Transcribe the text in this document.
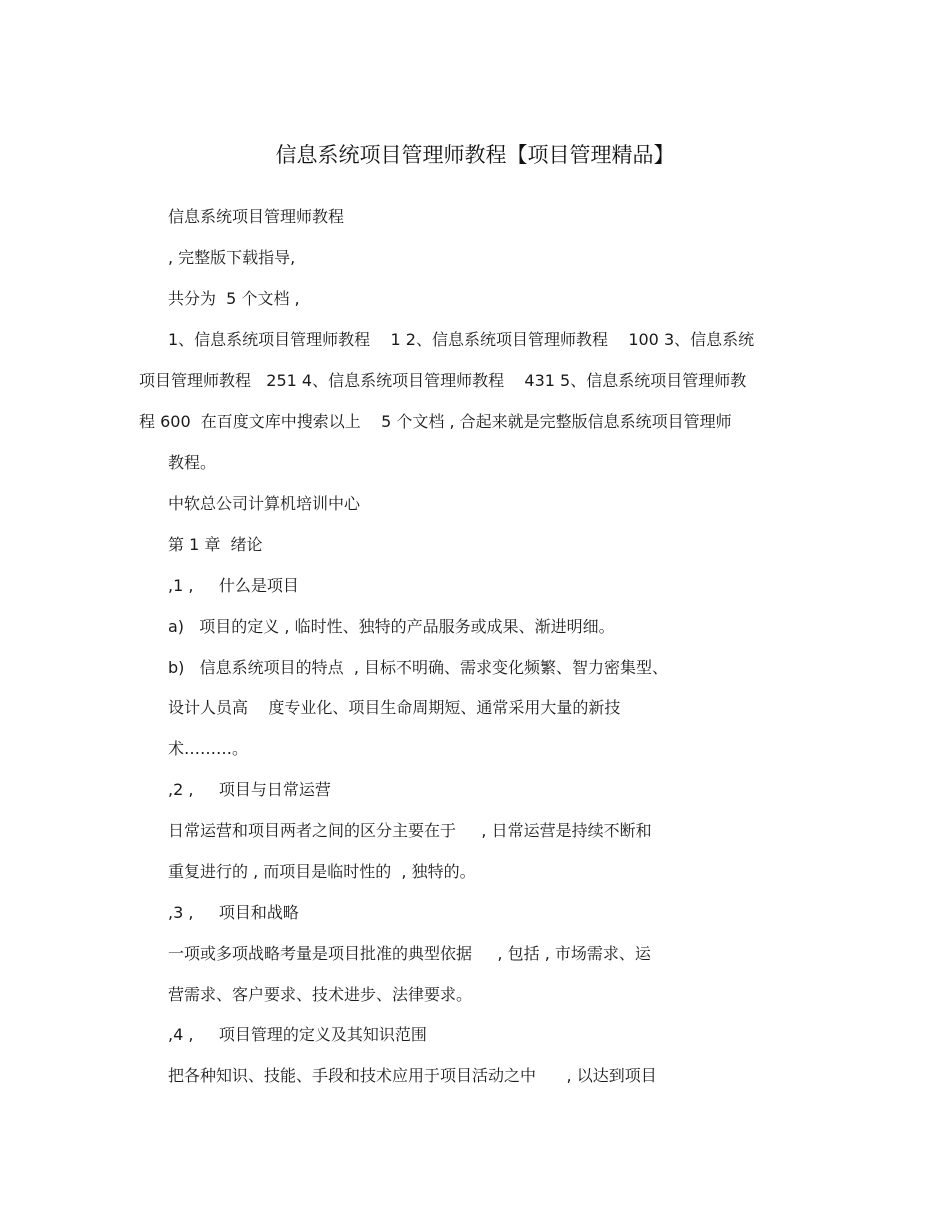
信息系统项目管理师教程【项目管理精品】
信息系统项目管理师教程
, 完整版下载指导,
共分为  5 个文档 ,
1、信息系统项目管理师教程    1 2、信息系统项目管理师教程    100 3、信息系统
项目管理师教程   251 4、信息系统项目管理师教程    431 5、信息系统项目管理师教
程 600  在百度文库中搜索以上    5 个文档 , 合起来就是完整版信息系统项目管理师
教程。
中软总公司计算机培训中心
第 1 章  绪论
,1 ,     什么是项目
a)   项目的定义 , 临时性、独特的产品服务或成果、渐进明细。
b)   信息系统项目的特点  , 目标不明确、需求变化频繁、智力密集型、
设计人员高    度专业化、项目生命周期短、通常采用大量的新技
术………。
,2 ,     项目与日常运营
日常运营和项目两者之间的区分主要在于     , 日常运营是持续不断和
重复进行的 , 而项目是临时性的  , 独特的。
,3 ,     项目和战略
一项或多项战略考量是项目批准的典型依据     , 包括 , 市场需求、运
营需求、客户要求、技术进步、法律要求。
,4 ,     项目管理的定义及其知识范围
把各种知识、技能、手段和技术应用于项目活动之中      , 以达到项目
